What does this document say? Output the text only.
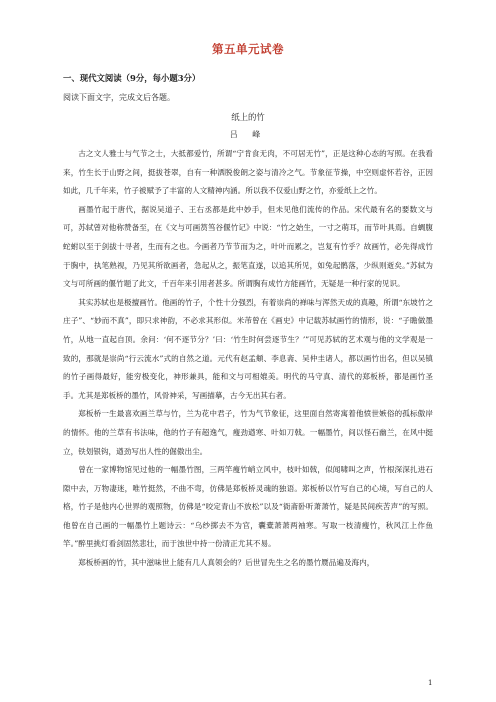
第五单元试卷
一、现代文阅读（9分，每小题3分）
阅读下面文字，完成文后各题。
纸上的竹
吕 峰

古之文人雅士与气节之士，大抵都爱竹，所谓“宁肯食无肉，不可居无竹”，正是这种心态的写照。在我看来，竹生长于山野之间，挺拔苍翠，自有一种洒脱俊朗之姿与清冷之气。节象征节操，中空则虚怀若谷，正因如此，几千年来，竹子被赋予了丰富的人文精神内涵。所以我不仅爱山野之竹，亦爱纸上之竹。

画墨竹起于唐代，据说吴道子、王右丞都是此中妙手，但未见他们流传的作品。宋代最有名的要数文与可，苏轼曾对他称赞备至，在《文与可画筼筜谷偃竹记》中说：“竹之始生，一寸之萌耳，而节叶具焉。自蜩腹蛇蚹以至于剑拔十寻者，生而有之也。今画者乃节节而为之，叶叶而累之，岂复有竹乎？故画竹，必先得成竹于胸中，执笔熟视，乃见其所欲画者，急起从之，振笔直遂，以追其所见，如兔起鹘落，少纵则逝矣。”苏轼为文与可所画的偃竹题了此文，千百年来引用者甚多。所谓胸有成竹方能画竹，无疑是一种行家的见识。

其实苏轼也是极擅画竹。他画的竹子，个性十分强烈，有着崇尚的禅味与浑然天成的真趣，所谓“东坡竹之庄子”、“妙而不真”，即只求神韵，不必求其形似。米芾曾在《画史》中记载苏轼画竹的情形，说：“子瞻做墨竹，从地一直起自顶。余问：‘何不逐节分？’曰：‘竹生时何尝逐节生？’”可见苏轼的艺术观与他的文学观是一致的，那就是崇尚“行云流水”式的自然之道。元代有赵孟頫、李息斋、吴仲圭诸人，都以画竹出名，但以吴镇的竹子画得最好，能穷极变化，神形兼具，能和文与可相媲美。明代的马守真、清代的郑板桥，都是画竹圣手。尤其是郑板桥的墨竹，风骨神采，写画描摹，古今无出其右者。

郑板桥一生最喜欢画兰草与竹，兰为花中君子，竹为气节象征，这里面自然寄寓着他愤世嫉俗的孤标傲岸的情怀。他的兰草有书法味，他的竹子有超逸气，瘦劲遒寒、叶如刀戟。一幅墨竹，间以怪石幽兰，在风中挺立，铁划银钩，遒劲写出人性的倔傲出尘。

曾在一家博物馆见过他的一幅墨竹图，三两竿瘦竹峭立风中，枝叶如戟，似闻啸叫之声，竹根深深扎进石隙中去，万物凄迷，唯竹挺然，不曲不弯，仿佛是郑板桥灵魂的独语。郑板桥以竹写自己的心境，写自己的人格，竹子是他内心世界的观照物，仿佛是“咬定青山不放松”以及“衙斋卧听萧萧竹，疑是民间疾苦声”的写照。他曾在自己画的一幅墨竹上题诗云：“乌纱掷去不为官，囊橐萧萧两袖寒。写取一枝清瘦竹，秋风江上作鱼竿。”醉里挑灯看剑固然悲壮，而于浊世中持一份清正尤其不易。

郑板桥画的竹，其中滋味世上能有几人真领会的？后世冒先生之名的墨竹赝品遍及海内，

1
